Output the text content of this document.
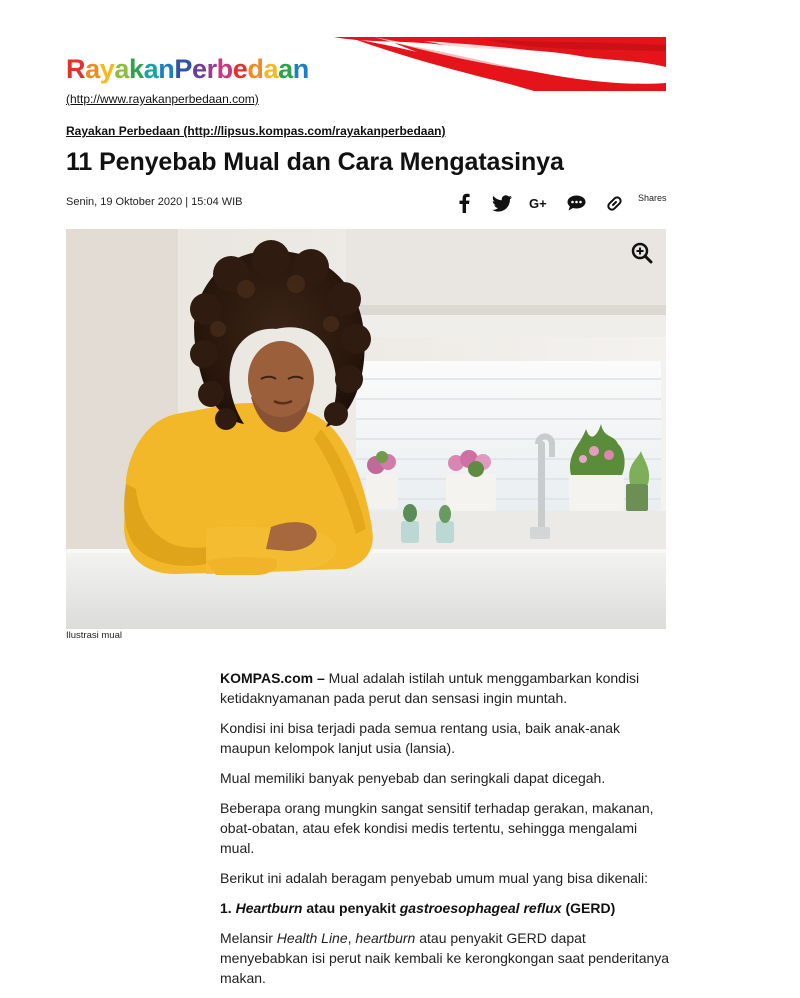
RayakanPerbedaan
(http://www.rayakanperbedaan.com)
Rayakan Perbedaan (http://lipsus.kompas.com/rayakanperbedaan)
11 Penyebab Mual dan Cara Mengatasinya
Senin, 19 Oktober 2020 | 15:04 WIB	G+	Shares
Ilustrasi mual

KOMPAS.com – Mual adalah istilah untuk menggambarkan kondisi ketidaknyamanan pada perut dan sensasi ingin muntah.

Kondisi ini bisa terjadi pada semua rentang usia, baik anak-anak maupun kelompok lanjut usia (lansia).

Mual memiliki banyak penyebab dan seringkali dapat dicegah.

Beberapa orang mungkin sangat sensitif terhadap gerakan, makanan, obat-obatan, atau efek kondisi medis tertentu, sehingga mengalami mual.

Berikut ini adalah beragam penyebab umum mual yang bisa dikenali:

1. Heartburn atau penyakit gastroesophageal reflux (GERD)

Melansir Health Line, heartburn atau penyakit GERD dapat menyebabkan isi perut naik kembali ke kerongkongan saat penderitanya makan.
